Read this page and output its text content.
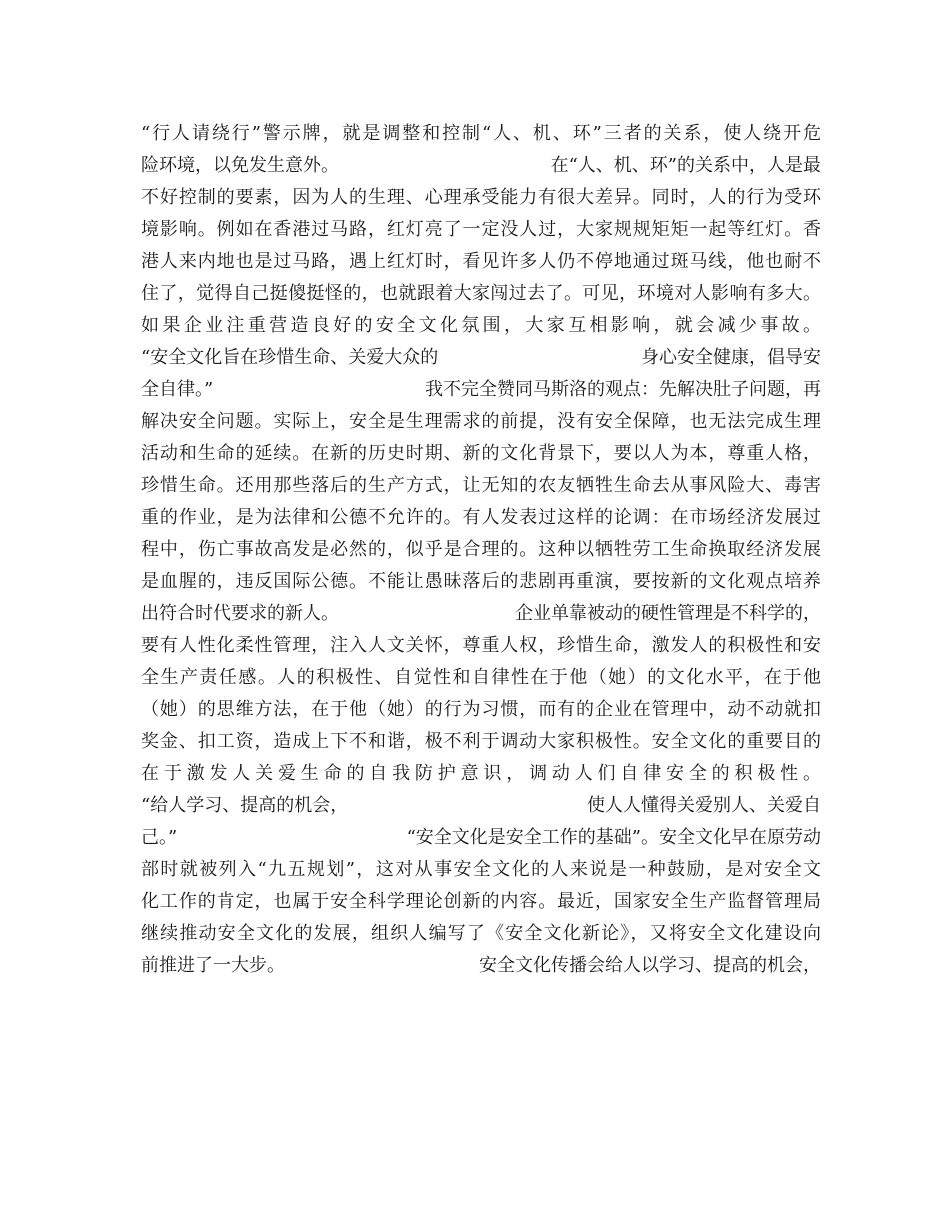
“行人请绕行”警示牌，就是调整和控制“人、机、环”三者的关系，使人绕开危
险环境，以免发生意外。	在“人、机、环”的关系中，人是最
不好控制的要素，因为人的生理、心理承受能力有很大差异。同时，人的行为受环
境影响。例如在香港过马路，红灯亮了一定没人过，大家规规矩矩一起等红灯。香
港人来内地也是过马路，遇上红灯时，看见许多人仍不停地通过斑马线，他也耐不
住了，觉得自己挺傻挺怪的，也就跟着大家闯过去了。可见，环境对人影响有多大。
如果企业注重营造良好的安全文化氛围，大家互相影响，就会减少事故。
“安全文化旨在珍惜生命、关爱大众的	身心安全健康，倡导安
全自律。”	我不完全赞同马斯洛的观点：先解决肚子问题，再
解决安全问题。实际上，安全是生理需求的前提，没有安全保障，也无法完成生理
活动和生命的延续。在新的历史时期、新的文化背景下，要以人为本，尊重人格，
珍惜生命。还用那些落后的生产方式，让无知的农友牺牲生命去从事风险大、毒害
重的作业，是为法律和公德不允许的。有人发表过这样的论调：在市场经济发展过
程中，伤亡事故高发是必然的，似乎是合理的。这种以牺牲劳工生命换取经济发展
是血腥的，违反国际公德。不能让愚昧落后的悲剧再重演，要按新的文化观点培养
出符合时代要求的新人。	企业单靠被动的硬性管理是不科学的，
要有人性化柔性管理，注入人文关怀，尊重人权，珍惜生命，激发人的积极性和安
全生产责任感。人的积极性、自觉性和自律性在于他（她）的文化水平，在于他
（她）的思维方法，在于他（她）的行为习惯，而有的企业在管理中，动不动就扣
奖金、扣工资，造成上下不和谐，极不利于调动大家积极性。安全文化的重要目的
在于激发人关爱生命的自我防护意识，调动人们自律安全的积极性。
“给人学习、提高的机会，	使人人懂得关爱别人、关爱自
己。”	“安全文化是安全工作的基础”。安全文化早在原劳动
部时就被列入“九五规划”，这对从事安全文化的人来说是一种鼓励，是对安全文
化工作的肯定，也属于安全科学理论创新的内容。最近，国家安全生产监督管理局
继续推动安全文化的发展，组织人编写了《安全文化新论》，又将安全文化建设向
前推进了一大步。	安全文化传播会给人以学习、提高的机会，
